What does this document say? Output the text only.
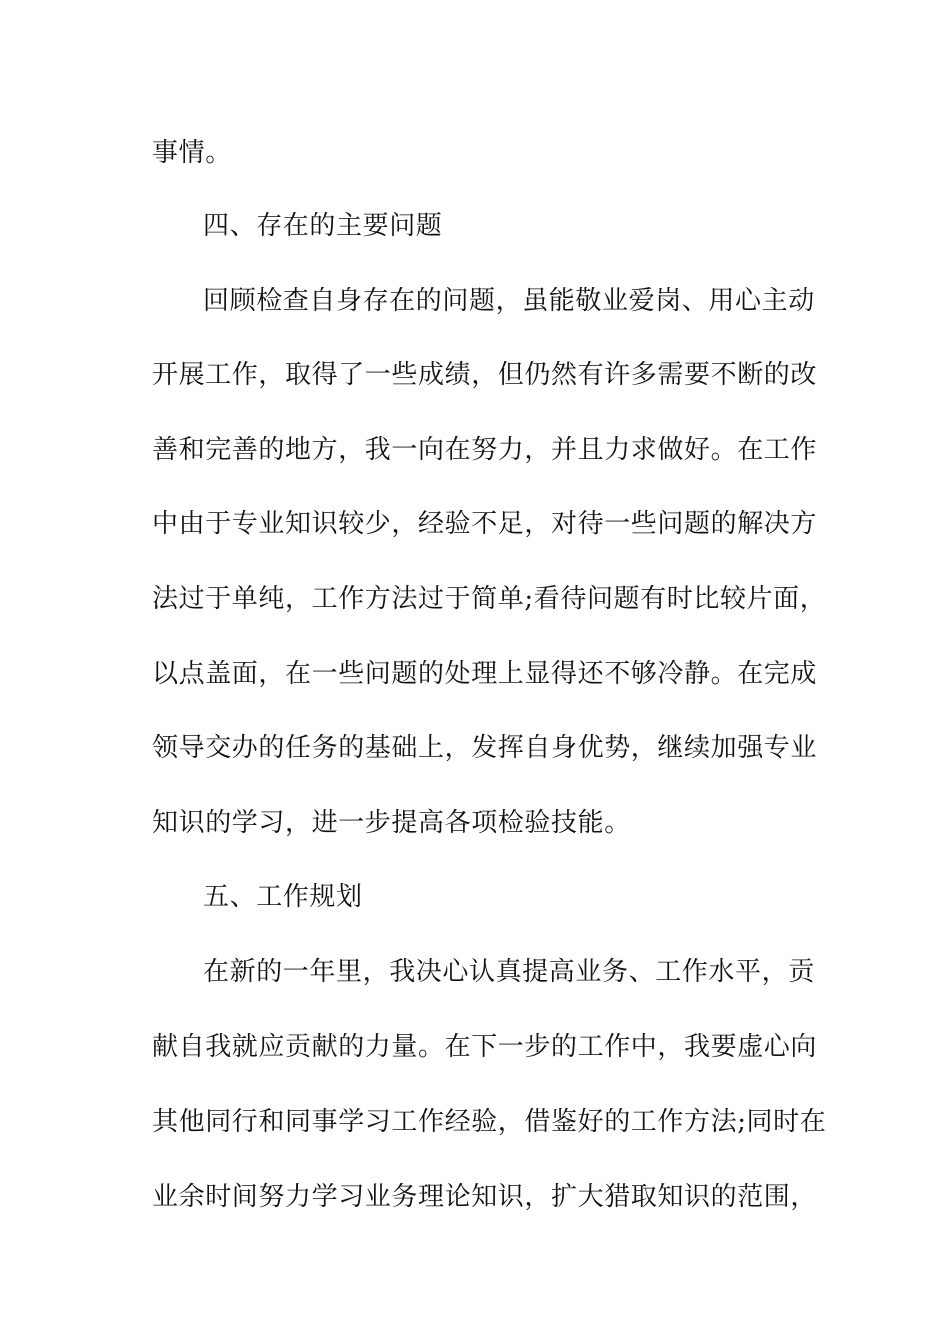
事情。
四、存在的主要问题
回顾检查自身存在的问题，虽能敬业爱岗、用心主动
开展工作，取得了一些成绩，但仍然有许多需要不断的改
善和完善的地方，我一向在努力，并且力求做好。在工作
中由于专业知识较少，经验不足，对待一些问题的解决方
法过于单纯，工作方法过于简单;看待问题有时比较片面，
以点盖面，在一些问题的处理上显得还不够冷静。在完成
领导交办的任务的基础上，发挥自身优势，继续加强专业
知识的学习，进一步提高各项检验技能。
五、工作规划
在新的一年里，我决心认真提高业务、工作水平，贡
献自我就应贡献的力量。在下一步的工作中，我要虚心向
其他同行和同事学习工作经验，借鉴好的工作方法;同时在
业余时间努力学习业务理论知识，扩大猎取知识的范围，
